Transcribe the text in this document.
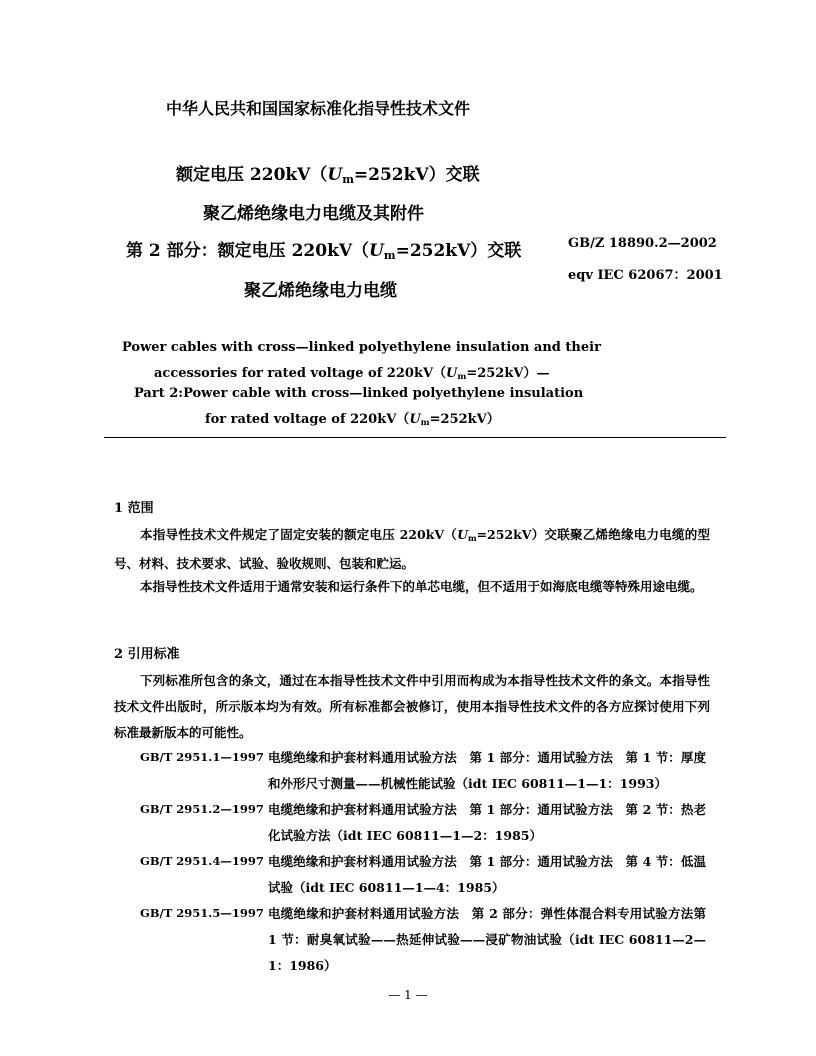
中华人民共和国国家标准化指导性技术文件
额定电压 $220kV(U_m=252kV)$交联
聚乙烯绝缘电力电缆及其附件
第 2 部分：额定电压 $220kV(U_m=252kV)$交联
聚乙烯绝缘电力电缆
GB/Z 18890.2—2002
eqv IEC 62067：2001
Power cables with cross—linked polyethylene insulation and their
accessories for rated voltage of $220kV(U_m=252kV)—$
Part 2:Power cable with cross—linked polyethylene insulation
for rated voltage of $220kV(U_m=252kV)$
1 范围
本指导性技术文件规定了固定安装的额定电压 $220kV(U_m=252kV)$交联聚乙烯绝缘电力电缆的型号、材料、技术要求、试验、验收规则、包装和贮运。
本指导性技术文件适用于通常安装和运行条件下的单芯电缆，但不适用于如海底电缆等特殊用途电缆。
2 引用标准
下列标准所包含的条文，通过在本指导性技术文件中引用而构成为本指导性技术文件的条文。本指导性技术文件出版时，所示版本均为有效。所有标准都会被修订，使用本指导性技术文件的各方应探讨使用下列标准最新版本的可能性。
GB/T 2951.1—1997 电缆绝缘和护套材料通用试验方法　第 1 部分：通用试验方法　第 1 节：厚度和外形尺寸测量——机械性能试验（idt IEC 60811—1—1：1993）
GB/T 2951.2—1997 电缆绝缘和护套材料通用试验方法　第 1 部分：通用试验方法　第 2 节：热老化试验方法（idt IEC 60811—1—2：1985）
GB/T 2951.4—1997 电缆绝缘和护套材料通用试验方法　第 1 部分：通用试验方法　第 4 节：低温试验（idt IEC 60811—1—4：1985）
GB/T 2951.5—1997 电缆绝缘和护套材料通用试验方法　第 2 部分：弹性体混合料专用试验方法第 1 节：耐臭氧试验——热延伸试验——浸矿物油试验（idt IEC 60811—2—1：1986）
— 1 —
